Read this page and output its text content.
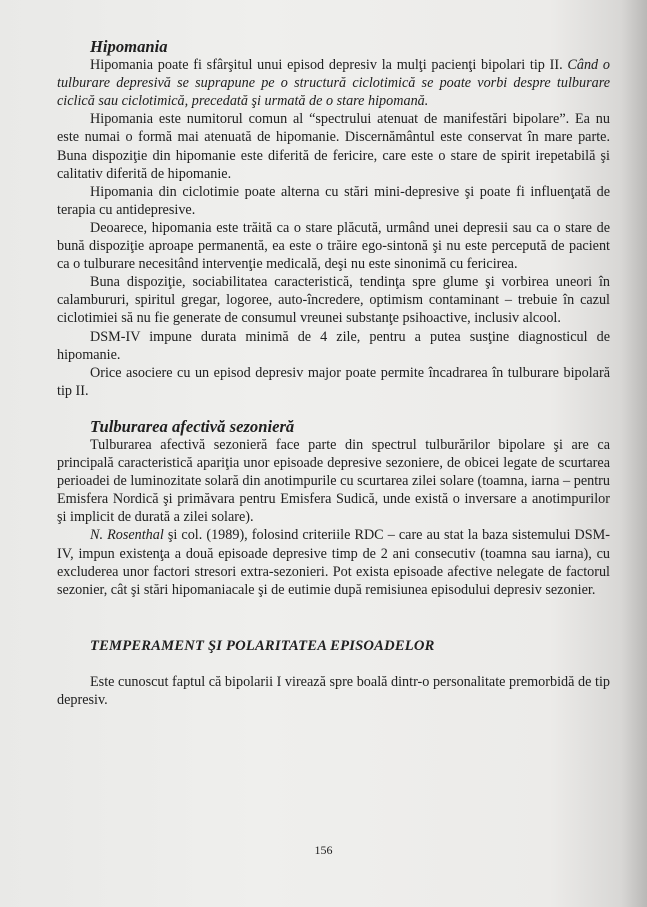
Hipomania

Hipomania poate fi sfârşitul unui episod depresiv la mulţi pacienţi bipolari tip II. Când o tulburare depresivă se suprapune pe o structură ciclotimică se poate vorbi despre tulburare ciclică sau ciclotimică, precedată şi urmată de o stare hipomană.

Hipomania este numitorul comun al “spectrului atenuat de manifestări bipolare”. Ea nu este numai o formă mai atenuată de hipomanie. Discernământul este conservat în mare parte. Buna dispoziţie din hipomanie este diferită de fericire, care este o stare de spirit irepetabilă şi calitativ diferită de hipomanie.

Hipomania din ciclotimie poate alterna cu stări mini-depresive şi poate fi influenţată de terapia cu antidepresive.

Deoarece, hipomania este trăită ca o stare plăcută, urmând unei depresii sau ca o stare de bună dispoziţie aproape permanentă, ea este o trăire ego-sintonă şi nu este percepută de pacient ca o tulburare necesitând intervenţie medicală, deşi nu este sinonimă cu fericirea.

Buna dispoziţie, sociabilitatea caracteristică, tendinţa spre glume şi vorbirea uneori în calambururi, spiritul gregar, logoree, auto-încredere, optimism contaminant – trebuie în cazul ciclotimiei să nu fie generate de consumul vreunei substanţe psihoactive, inclusiv alcool.

DSM-IV impune durata minimă de 4 zile, pentru a putea susţine diagnosticul de hipomanie.

Orice asociere cu un episod depresiv major poate permite încadrarea în tulburare bipolară tip II.

Tulburarea afectivă sezonieră

Tulburarea afectivă sezonieră face parte din spectrul tulburărilor bipolare şi are ca principală caracteristică apariţia unor episoade depresive sezoniere, de obicei legate de scurtarea perioadei de luminozitate solară din anotimpurile cu scurtarea zilei solare (toamna, iarna – pentru Emisfera Nordică şi primăvara pentru Emisfera Sudică, unde există o inversare a anotimpurilor şi implicit de durată a zilei solare).

N. Rosenthal şi col. (1989), folosind criteriile RDC – care au stat la baza sistemului DSM-IV, impun existenţa a două episoade depresive timp de 2 ani consecutiv (toamna sau iarna), cu excluderea unor factori stresori extra-sezonieri. Pot exista episoade afective nelegate de factorul sezonier, cât şi stări hipomaniacale şi de eutimie după remisiunea episodului depresiv sezonier.

TEMPERAMENT ŞI POLARITATEA EPISOADELOR

Este cunoscut faptul că bipolarii I virează spre boală dintr-o personalitate premorbidă de tip depresiv.

156
